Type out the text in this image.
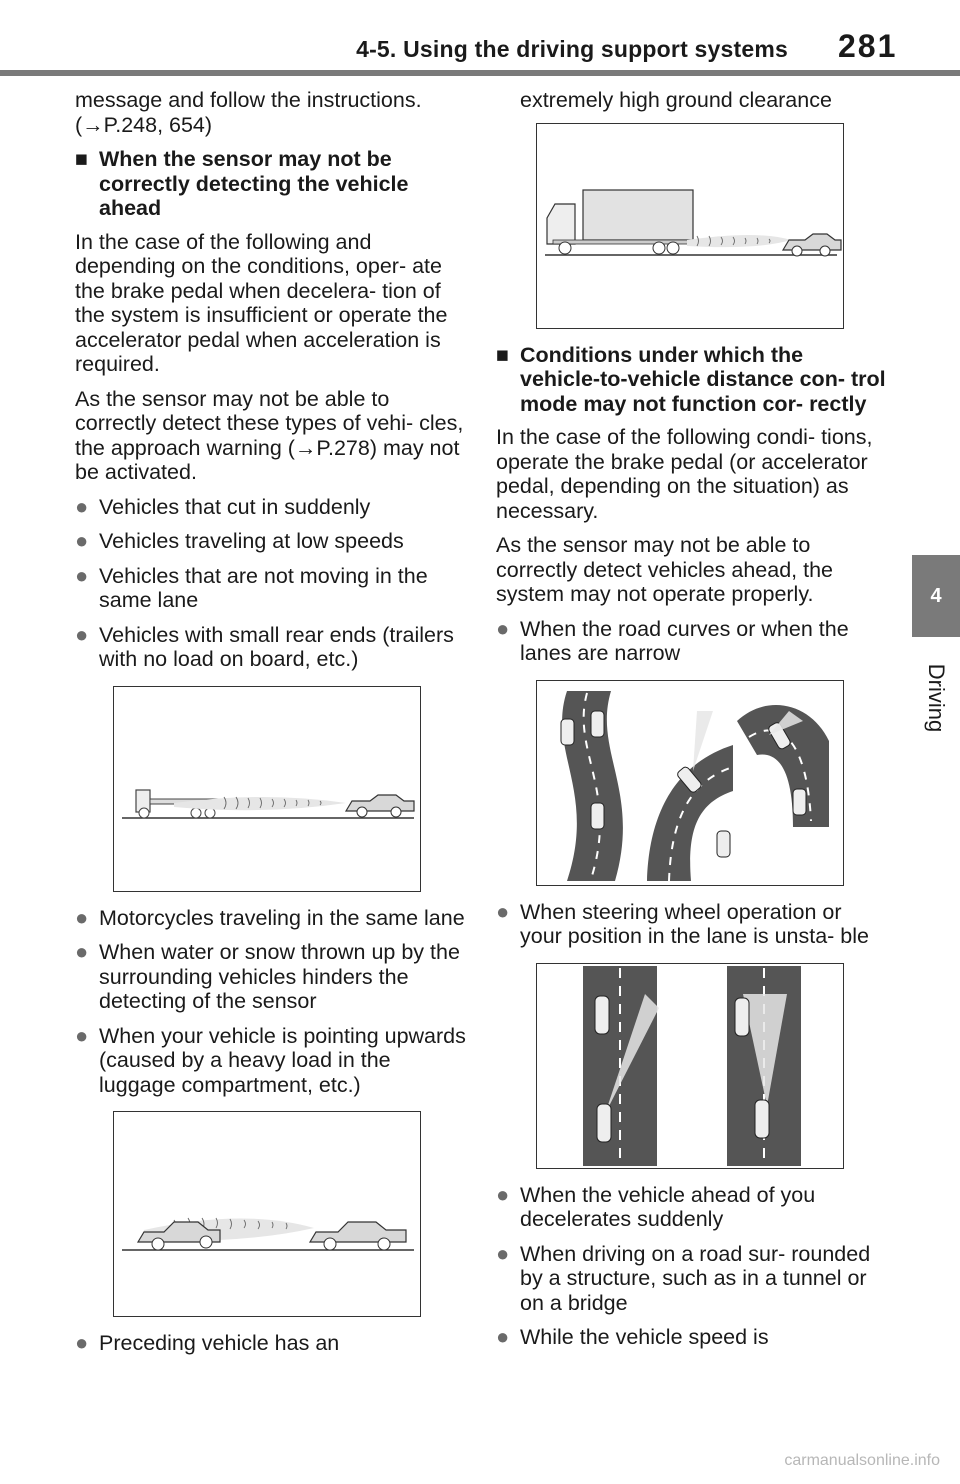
4-5. Using the driving support systems 281
4
Driving

message and follow the instructions. (→P.248, 654)

■ When the sensor may not be correctly detecting the vehicle ahead

In the case of the following and depending on the conditions, oper- ate the brake pedal when decelera- tion of the system is insufficient or operate the accelerator pedal when acceleration is required.

As the sensor may not be able to correctly detect these types of vehi- cles, the approach warning (→P.278) may not be activated.

● Vehicles that cut in suddenly
● Vehicles traveling at low speeds
● Vehicles that are not moving in the same lane
● Vehicles with small rear ends (trailers with no load on board, etc.)
● Motorcycles traveling in the same lane
● When water or snow thrown up by the surrounding vehicles hinders the detecting of the sensor
● When your vehicle is pointing upwards (caused by a heavy load in the luggage compartment, etc.)
● Preceding vehicle has an

extremely high ground clearance

■ Conditions under which the vehicle-to-vehicle distance con- trol mode may not function cor- rectly

In the case of the following condi- tions, operate the brake pedal (or accelerator pedal, depending on the situation) as necessary.

As the sensor may not be able to correctly detect vehicles ahead, the system may not operate properly.

● When the road curves or when the lanes are narrow
● When steering wheel operation or your position in the lane is unsta- ble
● When the vehicle ahead of you decelerates suddenly
● When driving on a road sur- rounded by a structure, such as in a tunnel or on a bridge
● While the vehicle speed is
carmanualsonline.info
